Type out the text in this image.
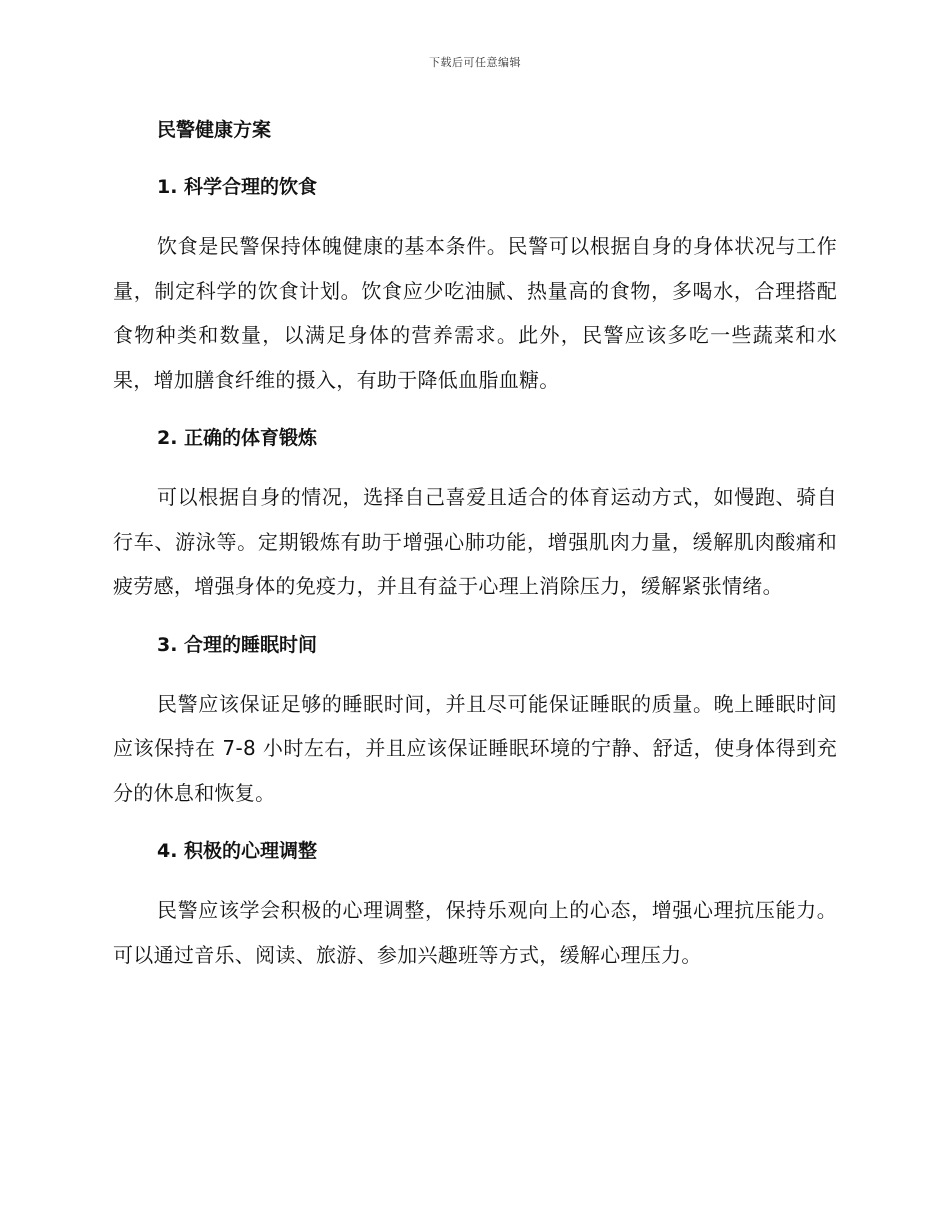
下载后可任意编辑
民警健康方案
1. 科学合理的饮食

饮食是民警保持体魄健康的基本条件。民警可以根据自身的身体状况与工作量，制定科学的饮食计划。饮食应少吃油腻、热量高的食物，多喝水，合理搭配食物种类和数量，以满足身体的营养需求。此外，民警应该多吃一些蔬菜和水果，增加膳食纤维的摄入，有助于降低血脂血糖。

2. 正确的体育锻炼

可以根据自身的情况，选择自己喜爱且适合的体育运动方式，如慢跑、骑自行车、游泳等。定期锻炼有助于增强心肺功能，增强肌肉力量，缓解肌肉酸痛和疲劳感，增强身体的免疫力，并且有益于心理上消除压力，缓解紧张情绪。

3. 合理的睡眠时间

民警应该保证足够的睡眠时间，并且尽可能保证睡眠的质量。晚上睡眠时间应该保持在 7-8 小时左右，并且应该保证睡眠环境的宁静、舒适，使身体得到充分的休息和恢复。

4. 积极的心理调整

民警应该学会积极的心理调整，保持乐观向上的心态，增强心理抗压能力。可以通过音乐、阅读、旅游、参加兴趣班等方式，缓解心理压力。
